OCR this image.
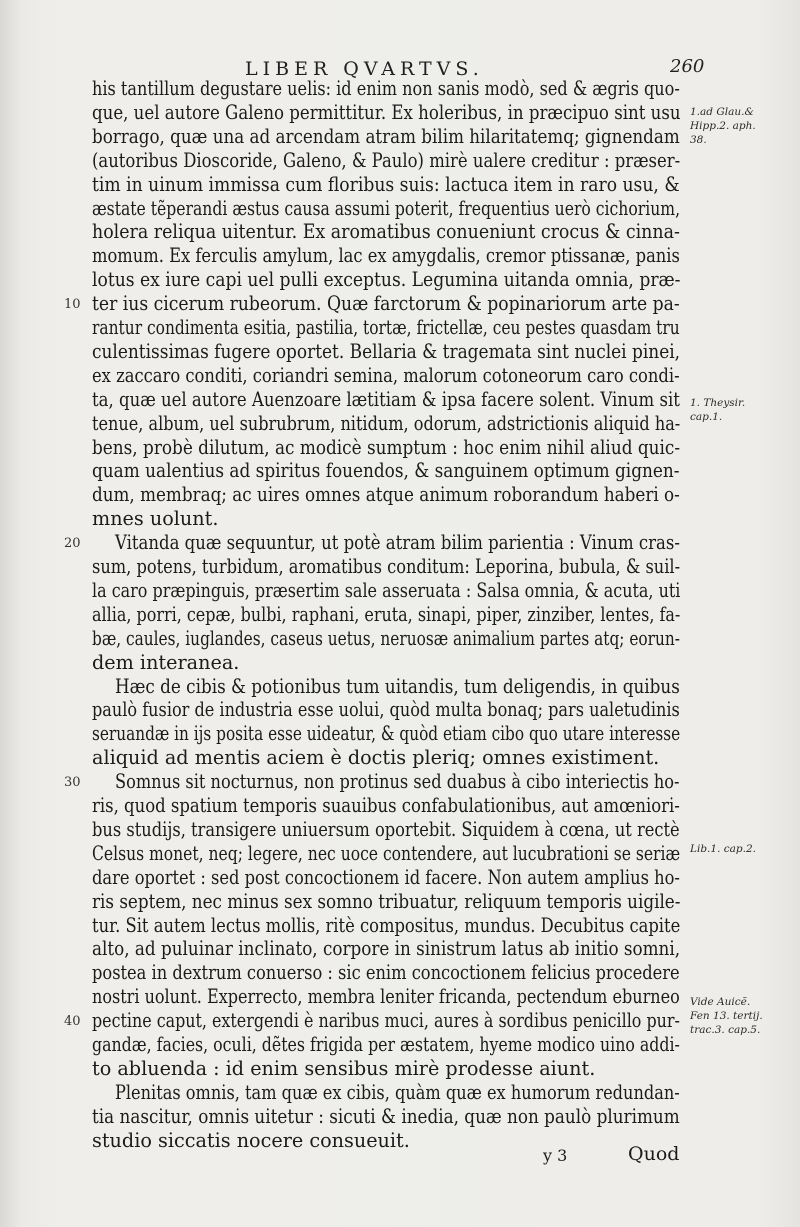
LIBER QVARTVS.	260
his tantillum degustare uelis: id enim non sanis modò, sed & ægris quo-
que, uel autore Galeno permittitur. Ex holeribus, in præcipuo sint usu
borrago, quæ una ad arcendam atram bilim hilaritatemq; gignendam
(autoribus Dioscoride, Galeno, & Paulo) mirè ualere creditur : præser-
tim in uinum immissa cum floribus suis: lactuca item in raro usu, &
æstate tẽperandi æstus causa assumi poterit, frequentius uerò cichorium,
holera reliqua uitentur. Ex aromatibus conueniunt crocus & cinna-
momum. Ex ferculis amylum, lac ex amygdalis, cremor ptissanæ, panis
lotus ex iure capi uel pulli exceptus. Legumina uitanda omnia, præ-
ter ius cicerum rubeorum. Quæ farctorum & popinariorum arte pa-
rantur condimenta esitia, pastilia, tortæ, frictellæ, ceu pestes quasdam tru
culentissimas fugere oportet. Bellaria & tragemata sint nuclei pinei,
ex zaccaro conditi, coriandri semina, malorum cotoneorum caro condi-
ta, quæ uel autore Auenzoare lætitiam & ipsa facere solent. Vinum sit
tenue, album, uel subrubrum, nitidum, odorum, adstrictionis aliquid ha-
bens, probè dilutum, ac modicè sumptum : hoc enim nihil aliud quic-
quam ualentius ad spiritus fouendos, & sanguinem optimum gignen-
dum, membraq; ac uires omnes atque animum roborandum haberi o-
mnes uolunt.
Vitanda quæ sequuntur, ut potè atram bilim parientia : Vinum cras-
sum, potens, turbidum, aromatibus conditum: Leporina, bubula, & suil-
la caro præpinguis, præsertim sale asseruata : Salsa omnia, & acuta, uti
allia, porri, cepæ, bulbi, raphani, eruta, sinapi, piper, zinziber, lentes, fa-
bæ, caules, iuglandes, caseus uetus, neruosæ animalium partes atq; eorun-
dem interanea.
Hæc de cibis & potionibus tum uitandis, tum deligendis, in quibus
paulò fusior de industria esse uolui, quòd multa bonaq; pars ualetudinis
seruandæ in ijs posita esse uideatur, & quòd etiam cibo quo utare interesse
aliquid ad mentis aciem è doctis pleriq; omnes existiment.
Somnus sit nocturnus, non protinus sed duabus à cibo interiectis ho-
ris, quod spatium temporis suauibus confabulationibus, aut amœniori-
bus studijs, transigere uniuersum oportebit. Siquidem à cœna, ut rectè
Celsus monet, neq; legere, nec uoce contendere, aut lucubrationi se seriæ
dare oportet : sed post concoctionem id facere. Non autem amplius ho-
ris septem, nec minus sex somno tribuatur, reliquum temporis uigile-
tur. Sit autem lectus mollis, ritè compositus, mundus. Decubitus capite
alto, ad puluinar inclinato, corpore in sinistrum latus ab initio somni,
postea in dextrum conuerso : sic enim concoctionem felicius procedere
nostri uolunt. Experrecto, membra leniter fricanda, pectendum eburneo
pectine caput, extergendi è naribus muci, aures à sordibus penicillo pur-
gandæ, facies, oculi, dẽtes frigida per æstatem, hyeme modico uino addi-
to abluenda : id enim sensibus mirè prodesse aiunt.
Plenitas omnis, tam quæ ex cibis, quàm quæ ex humorum redundan-
tia nascitur, omnis uitetur : sicuti & inedia, quæ non paulò plurimum
studio siccatis nocere consueuit.
10
20
30
40
1.ad Glau.&
Hipp.2. aph.
38.
1. Theysir.
cap.1.
Lib.1. cap.2.
Vide Auicẽ.
Fen 13. tertij.
trac.3. cap.5.
y 3	Quod
